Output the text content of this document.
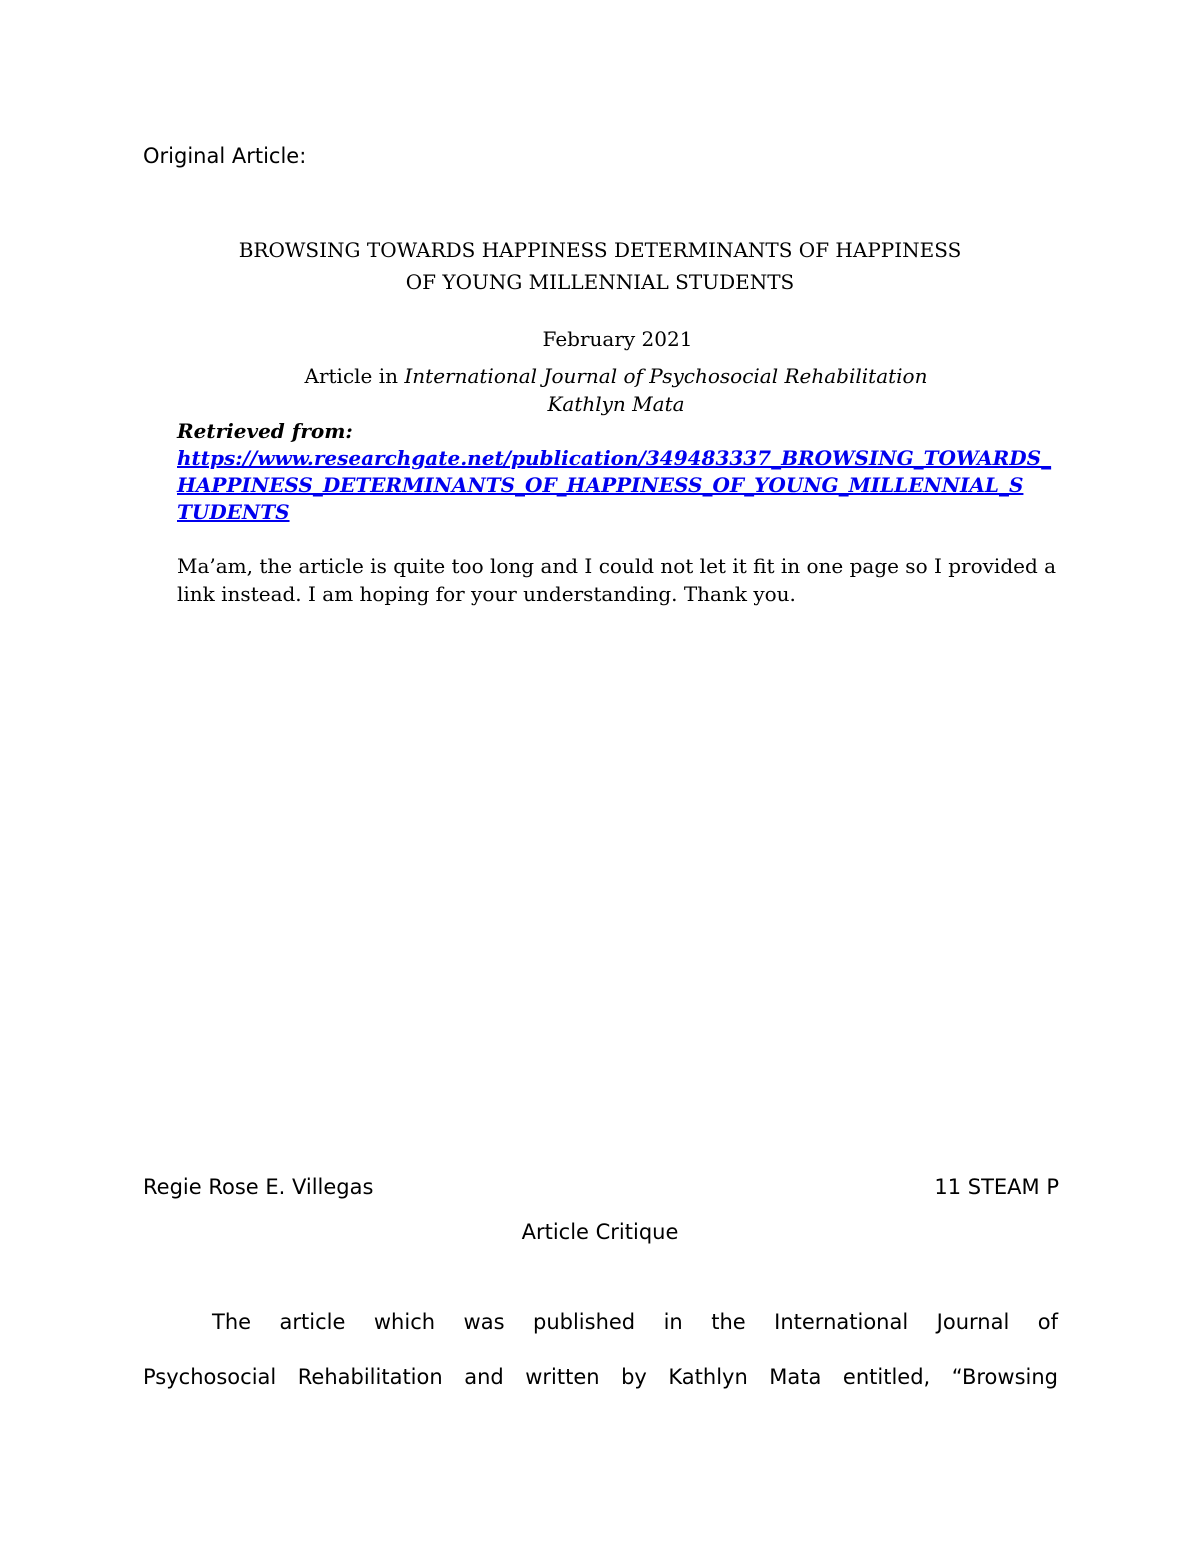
Original Article:
BROWSING TOWARDS HAPPINESS DETERMINANTS OF HAPPINESS
OF YOUNG MILLENNIAL STUDENTS
February 2021
Article in International Journal of Psychosocial Rehabilitation
Kathlyn Mata
Retrieved from:
https://www.researchgate.net/publication/349483337_BROWSING_TOWARDS_
HAPPINESS_DETERMINANTS_OF_HAPPINESS_OF_YOUNG_MILLENNIAL_S
TUDENTS
Ma’am, the article is quite too long and I could not let it fit in one page so I provided a link instead. I am hoping for your understanding. Thank you.
Regie Rose E. Villegas	11 STEAM P
Article Critique
The article which was published in the International Journal of
Psychosocial Rehabilitation and written by Kathlyn Mata entitled, “Browsing
